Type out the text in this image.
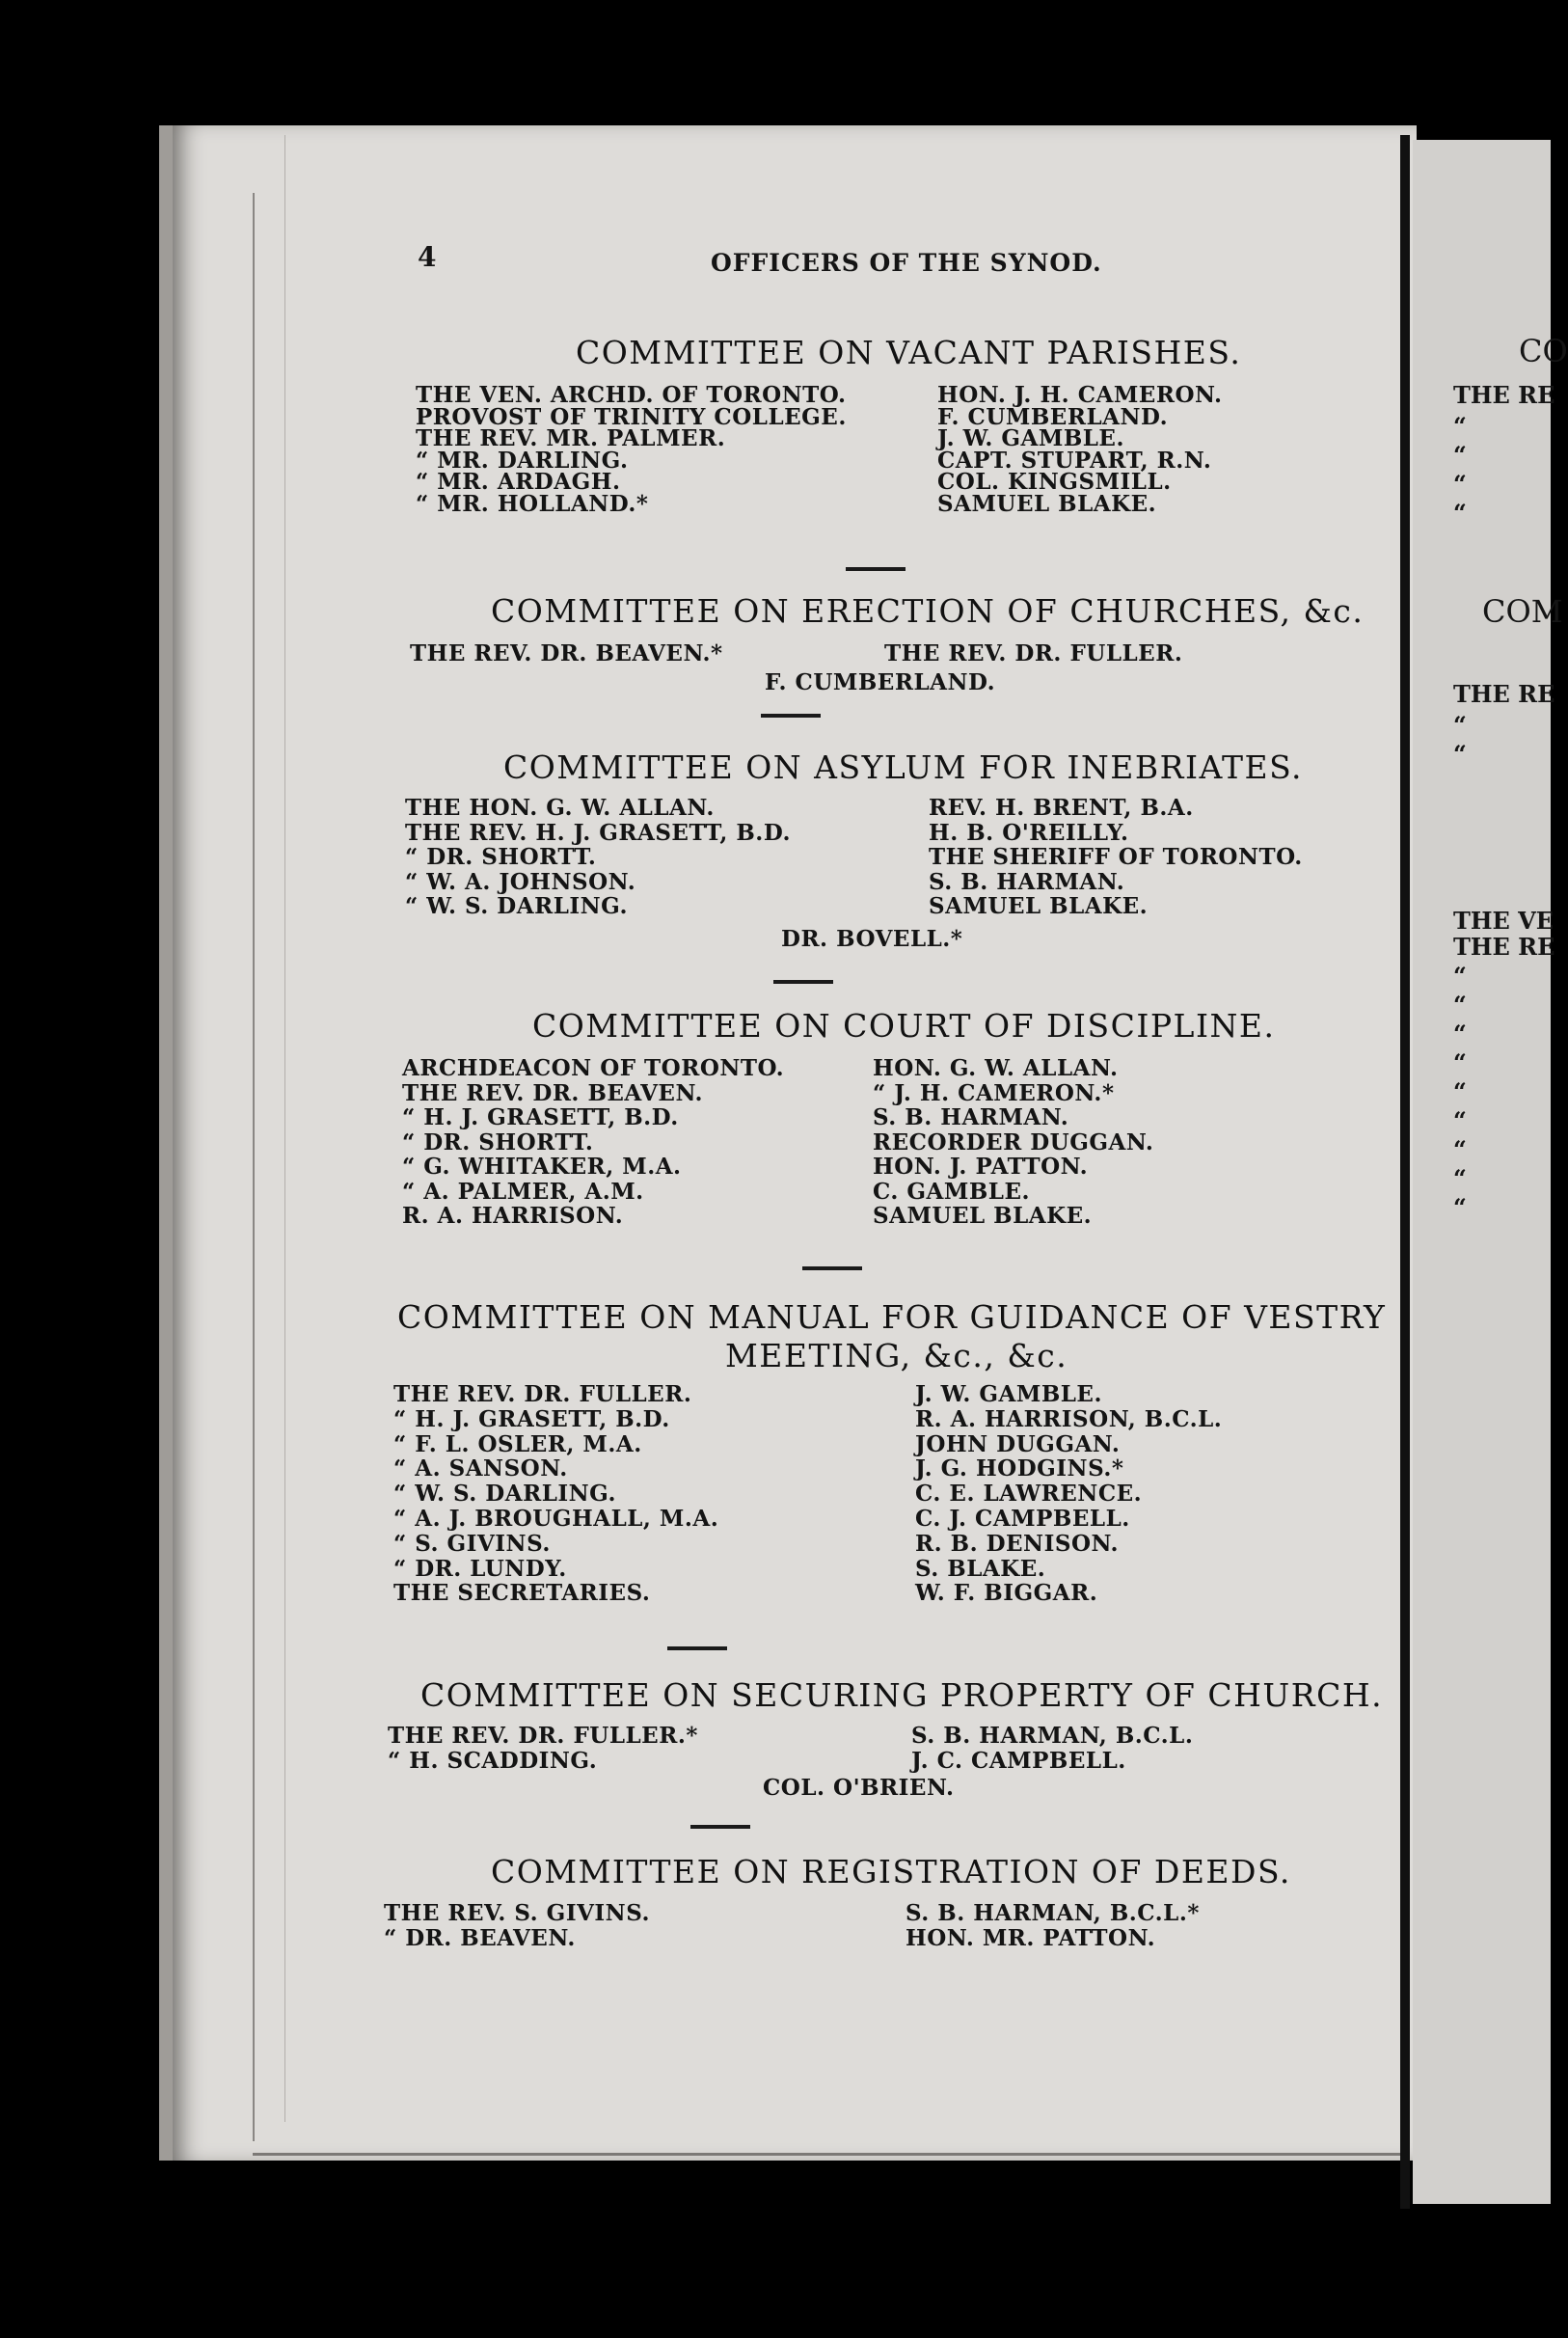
CO
THE RE
“
“
“
“
COM
THE RE
“
“
THE VE
THE RE
“
“
“
“
“
“
“
“
“
4	OFFICERS OF THE SYNOD.
COMMITTEE ON VACANT PARISHES.
THE VEN. ARCHD. OF TORONTO.
PROVOST OF TRINITY COLLEGE.
THE REV. MR. PALMER.
“ MR. DARLING.
“ MR. ARDAGH.
“ MR. HOLLAND.*
HON. J. H. CAMERON.
F. CUMBERLAND.
J. W. GAMBLE.
CAPT. STUPART, R.N.
COL. KINGSMILL.
SAMUEL BLAKE.
COMMITTEE ON ERECTION OF CHURCHES, &c.
THE REV. DR. BEAVEN.*	THE REV. DR. FULLER.
F. CUMBERLAND.
COMMITTEE ON ASYLUM FOR INEBRIATES.
THE HON. G. W. ALLAN.
THE REV. H. J. GRASETT, B.D.
“ DR. SHORTT.
“ W. A. JOHNSON.
“ W. S. DARLING.
REV. H. BRENT, B.A.
H. B. O'REILLY.
THE SHERIFF OF TORONTO.
S. B. HARMAN.
SAMUEL BLAKE.
DR. BOVELL.*
COMMITTEE ON COURT OF DISCIPLINE.
ARCHDEACON OF TORONTO.
THE REV. DR. BEAVEN.
“ H. J. GRASETT, B.D.
“ DR. SHORTT.
“ G. WHITAKER, M.A.
“ A. PALMER, A.M.
R. A. HARRISON.
HON. G. W. ALLAN.
“ J. H. CAMERON.*
S. B. HARMAN.
RECORDER DUGGAN.
HON. J. PATTON.
C. GAMBLE.
SAMUEL BLAKE.
COMMITTEE ON MANUAL FOR GUIDANCE OF VESTRY
MEETING, &c., &c.
THE REV. DR. FULLER.
“ H. J. GRASETT, B.D.
“ F. L. OSLER, M.A.
“ A. SANSON.
“ W. S. DARLING.
“ A. J. BROUGHALL, M.A.
“ S. GIVINS.
“ DR. LUNDY.
THE SECRETARIES.
J. W. GAMBLE.
R. A. HARRISON, B.C.L.
JOHN DUGGAN.
J. G. HODGINS.*
C. E. LAWRENCE.
C. J. CAMPBELL.
R. B. DENISON.
S. BLAKE.
W. F. BIGGAR.
COMMITTEE ON SECURING PROPERTY OF CHURCH.
THE REV. DR. FULLER.*
“ H. SCADDING.
S. B. HARMAN, B.C.L.
J. C. CAMPBELL.
COL. O'BRIEN.
COMMITTEE ON REGISTRATION OF DEEDS.
THE REV. S. GIVINS.
“ DR. BEAVEN.
S. B. HARMAN, B.C.L.*
HON. MR. PATTON.
